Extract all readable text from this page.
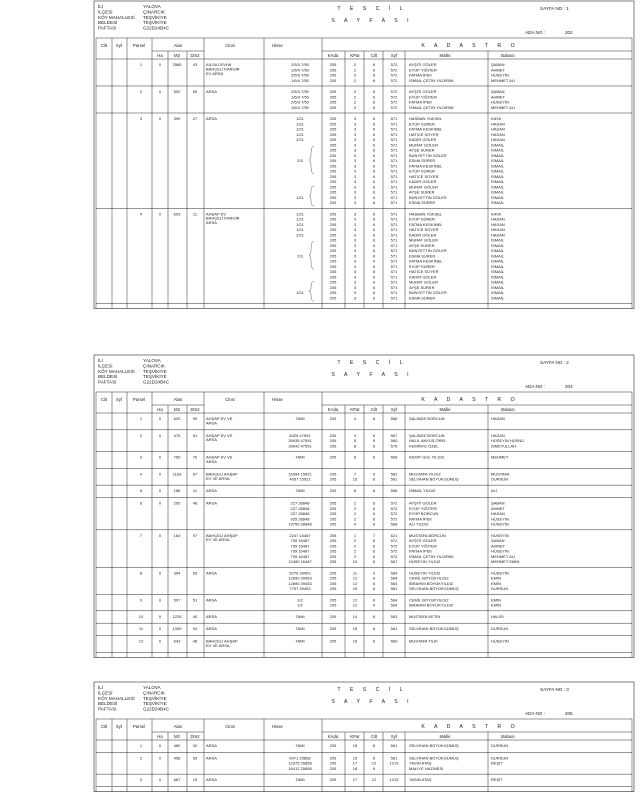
İLİ	YALOVA
İLÇESİ	ÇINARCIK
KÖY MAHALLESİ TEŞVİKİYE
BELDESİ	TEŞVİKİYE
PAFTASI	G22D24B4C
T E S C İ L
S A Y F A S I
SAYFA NO : 1
ADA NO :	202
Cilt Syf	Parsel	Alan
Ha	M2 Dm2
Cinsi	Hisse	K A D A S T R O
KAda	KPar	Cilt	Syf	Maliki	Babası
1	0	2585	43 AİLSA LEVHA BAHÇELİ KARGİR EV ARSA
2/5/3 7/50	205	2	6	572	AYŞİTİ GÖLER	ŞABAN
1/6/4 7/50	205	2	6	572	EYÜP YİĞİTER	AHMET
2/5/3 7/50	205	2	6	572	FATMA İPEK	HÜSEYİN
1/6/4 7/50	205	2	6	572	İSMAİL ÇETİN YILDIRIM	MEHMET ALİ
2	0	592	65 ARSA	2/5/3 7/50	205	2	6	572	AYŞİTİ GÖLER	ŞABAN
1/6/4 7/50	205	2	6	572	EYÜP YİĞİTER	AHMET
2/5/3 7/50	205	2	6	572	FATMA İPEK	HÜSEYİN
1/6/4 7/50	205	2	6	572	İSMAİL ÇETİN YILDIRIM	MEHMET ALİ
3	0	399	27 ARSA	1/21	205	3	6	571	HASBAN YÜKSEL	KAYA
1/21	205	3	6	571	EYÜP SÜRER	HASAN
1/21	205	3	6	571	FATMA KESKİNEL	HASAN
1/21	205	3	6	571	HATİCE SOYER	HASAN
2/21	205	3	6	571	KADİR GÖLER	HASAN
205	3	6	571	MURAT GÖLER	İSMAİL
205	3	6	571	AYŞE SÜRER	İSMAİL
205	3	6	571	BÜNYETTİN GÖLER	İSMAİL
2/3	205	3	6	571	ESMA SÜRER	İSMAİL
205	3	6	571	FATMA KESKİNEL	İSMAİL
205	3	6	571	EYÜP SÜRER	İSMAİL
205	3	6	571	HATİCE SOYER	İSMAİL
205	3	6	571	KADİR GÖLER	İSMAİL
205	3	6	571	MURAT GÖLER	İSMAİL
205	3	6	571	AYŞE SÜRER	İSMAİL
1/21	205	3	6	571	BÜNYETTİN GÖLER	İSMAİL
205	3	6	571	ESMA SÜRER	İSMAİL
4	0	603	11 AHŞAP EV BAHÇELİ KARGİR ARSA
1/21	205	3	6	571	HASBAN YÜKSEL	KAYA
1/21	205	3	6	571	EYÜP SÜRER	HASAN
1/21	205	3	6	571	FATMA KESKİNEL	HASAN
1/21	205	3	6	571	HATİCE SOYER	HASAN
2/21	205	3	6	571	KADİR GÖLER	HASAN
205	3	6	571	MURAT GÖLER	İSMAİL
205	3	6	571	AYŞE SÜRER	İSMAİL
205	3	6	571	BÜNYETTİN GÖLER	İSMAİL
2/3	205	3	6	571	ESMA SÜRER	İSMAİL
205	3	6	571	FATMA KESKİNEL	İSMAİL
205	3	6	571	EYÜP SÜRER	İSMAİL
205	3	6	571	HATİCE SOYER	İSMAİL
205	3	6	571	KADİR GÖLER	İSMAİL
205	3	6	571	MURAT GÖLER	İSMAİL
205	3	6	571	AYŞE SÜRER	İSMAİL
1/21	205	3	6	571	BÜNYETTİN GÖLER	İSMAİL
205	3	6	571	ESMA SÜRER	İSMAİL
İLİ	YALOVA
İLÇESİ	ÇINARCIK
KÖY MAHALLESİ TEŞVİKİYE
BELDESİ	TEŞVİKİYE
PAFTASI	G22D24B4C
T E S C İ L
S A Y F A S I
SAYFA NO : 2
ADA NO :	204
Cilt Syf	Parsel	Alan
Ha	M2 Dm2
Cinsi	Hisse	K A D A S T R O
KAda	KPar	Cilt	Syf	Maliki	Babası
1	0	620	99 AHŞAP EV VE ARSA
TAMI	205	4	6	566	ŞALİNDE BORCUN	HASAN
2	0	475	81 AHŞAP EV VE ARSA
6426 47591	205	4	6	567	ŞALİNDE BORCUN	HASAN
26935 47591	205	5	5	560	HALİL AKKUŞ ÖREL	HÜSEYİN HÜSNÜ
28942 47591	205	8	6	575	KEMİNYE ÖZEL	İSMETULLAH
3	0	750	70 AHŞAP EV VE ARSA
TAMI	205	6	6	568	KEMİT GÖL YILDIZ	MEHMET
4	0	1163	67 BAHÇELİ AHŞAP EV VE ARSA
15494 15921	205	7	9	562	MUSTAFA YILDIZ	MUSTAFA
4057 15921	205	15	6	561	SELVİHAN BÖYÜKGÜMÜŞ	DURSUN
5	0	186	11 ARSA	TAMI	205	8	6	556	İSMAİL YILDIZ	ALİ
6	0	295	48 ARSA	227 28848	205	2	6	572	AYŞİTİ GÖLER	ŞABAN
227 28848	205	2	6	572	EYÜP YİĞİTER	AHMET
227 28848	205	2	6	572	EYÜP BORCUN	HASAN
925 28848	205	2	6	572	FATMA İPEK	HÜSEYİN
19750 28848	205	9	6	568	ALİ YILDIZ	HÜSEYİN
7	0	164	97 BAHÇELİ AHŞAP EV VE ARSA
2247 16487	205	1	7	621	MUSTAFA BORCUN	HÜSEYİN
739 16487	205	2	6	572	AYŞİTİ GÖLER	ŞABAN
739 16487	205	2	6	572	EYÜP YİĞİTER	AHMET
739 16487	205	2	6	572	FATMA İPEK	HÜSEYİN
739 16487	205	2	6	572	İSMAİL ÇETİN YILDIRIM	MEHMET ALİ
12480 16487	205	10	6	567	HÜSEYİN YILDIZ	MEHMET EMİN
8	0	394	53 ARSA	5276 39453	205	11	9	564	HÜSEYİN YILDIZ	HÜSEYİN
12890 39453	205	12	6	564	CEMİL BÖYÜKYILDIZ	EMİN
12890 39453	205	12	6	564	İBRAHİM BÖYÜKYILDIZ	EMİN
7757 39453	205	15	6	561	SELVİHAN BÖYÜKGÜMÜŞ	DURSUN
9	0	507	51 ARSA	1/2	205	12	6	564	CEMİL BÖYÜKYILDIZ	EMİN
1/2	205	12	6	564	İBRAHİM BÖYÜKYILDIZ	EMİN
10	0	1226	40 ARSA	TAMI	205	14	6	563	MUSTAFA KETİN	HALİSİ
11	0	1339	94 ARSA	TAMI	205	15	6	561	SELVİHAN BÖYÜKGÜMÜŞ	DURSUN
12	0	643	48 BAHÇELİ AHŞAP EV VE ARSA
TAMI	205	16	6	560	MUSTAFA TİLİK	HÜSEYİN
İLİ	YALOVA
İLÇESİ	ÇINARCIK
KÖY MAHALLESİ TEŞVİKİYE
BELDESİ	TEŞVİKİYE
PAFTASI	G22D24B4C
T E S C İ L
S A Y F A S I
SAYFA NO : 3
ADA NO :	205
Cilt Syf	Parsel	Alan
Ha	M2 Dm2
Cinsi	Hisse	K A D A S T R O
KAda	KPar	Cilt	Syf	Maliki	Babası
1	0	460	42 ARSA	TAMI	205	15	6	561	SELVİHAN BÖYÜKGÜMÜŞ	DURSUN
2	0	458	53 ARSA	6471 25858	205	15	6	561	SELVİHAN BÖYÜKGÜMÜŞ	DURSUN
12975 25858	205	17	12	1219	YASİN ATAŞ	REŞİT
16412 25858	205	18	9	MALİYE HAZİNESİ
3	0	667	15 ARSA	TAMI	205	17	12	1219	YASİN ATAŞ	REŞİT
